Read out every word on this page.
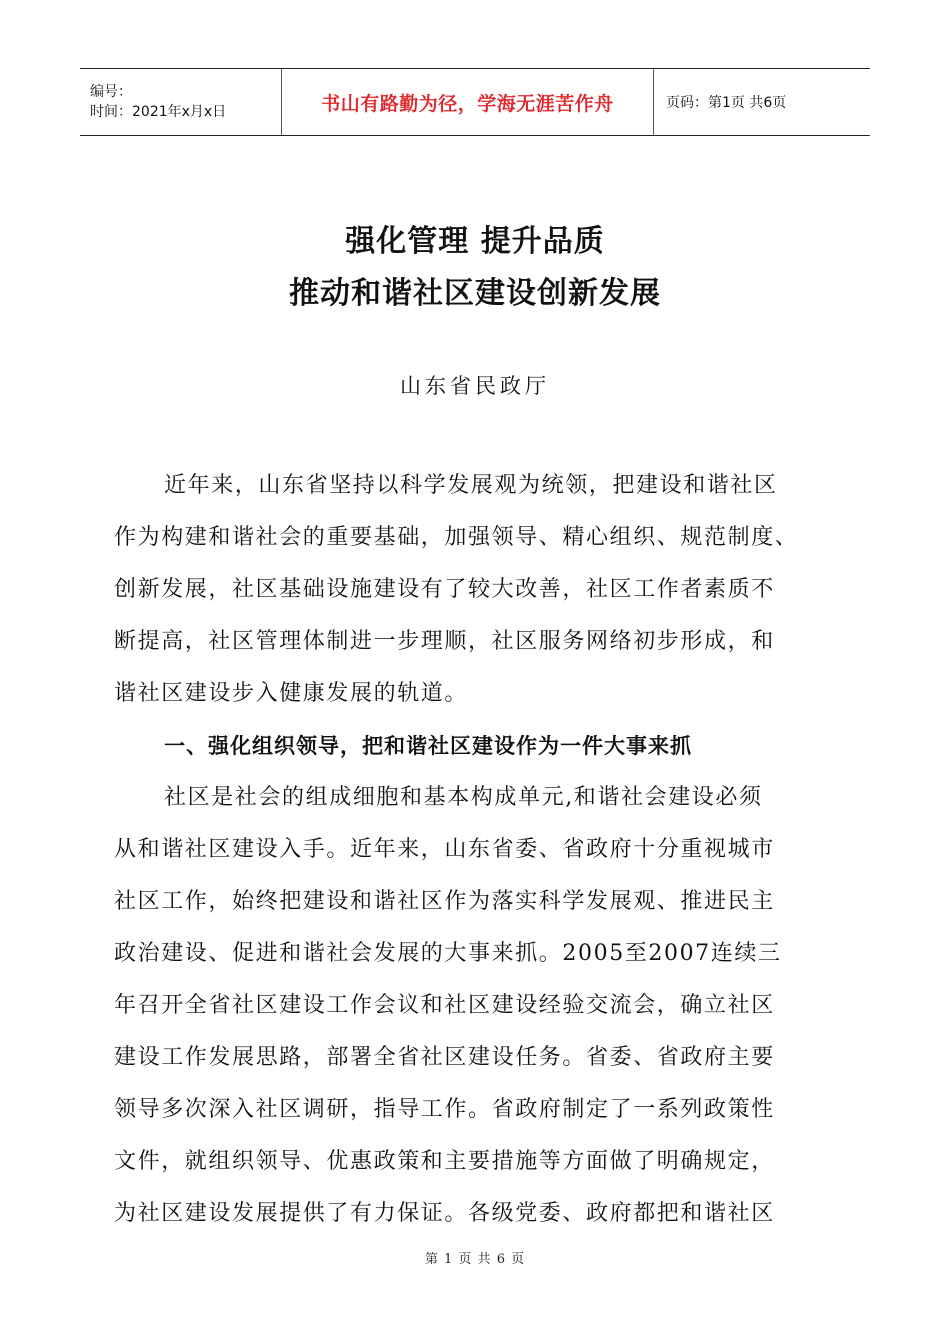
编号：
时间：2021年x月x日	书山有路勤为径，学海无涯苦作舟	页码：第1页 共6页
强化管理 提升品质
推动和谐社区建设创新发展
山东省民政厅
近年来，山东省坚持以科学发展观为统领，把建设和谐社区
作为构建和谐社会的重要基础，加强领导、精心组织、规范制度、
创新发展，社区基础设施建设有了较大改善，社区工作者素质不
断提高，社区管理体制进一步理顺，社区服务网络初步形成，和
谐社区建设步入健康发展的轨道。
一、强化组织领导，把和谐社区建设作为一件大事来抓
社区是社会的组成细胞和基本构成单元,和谐社会建设必须
从和谐社区建设入手。近年来，山东省委、省政府十分重视城市
社区工作，始终把建设和谐社区作为落实科学发展观、推进民主
政治建设、促进和谐社会发展的大事来抓。2005至2007连续三
年召开全省社区建设工作会议和社区建设经验交流会，确立社区
建设工作发展思路，部署全省社区建设任务。省委、省政府主要
领导多次深入社区调研，指导工作。省政府制定了一系列政策性
文件，就组织领导、优惠政策和主要措施等方面做了明确规定，
为社区建设发展提供了有力保证。各级党委、政府都把和谐社区
第 1 页 共 6 页
